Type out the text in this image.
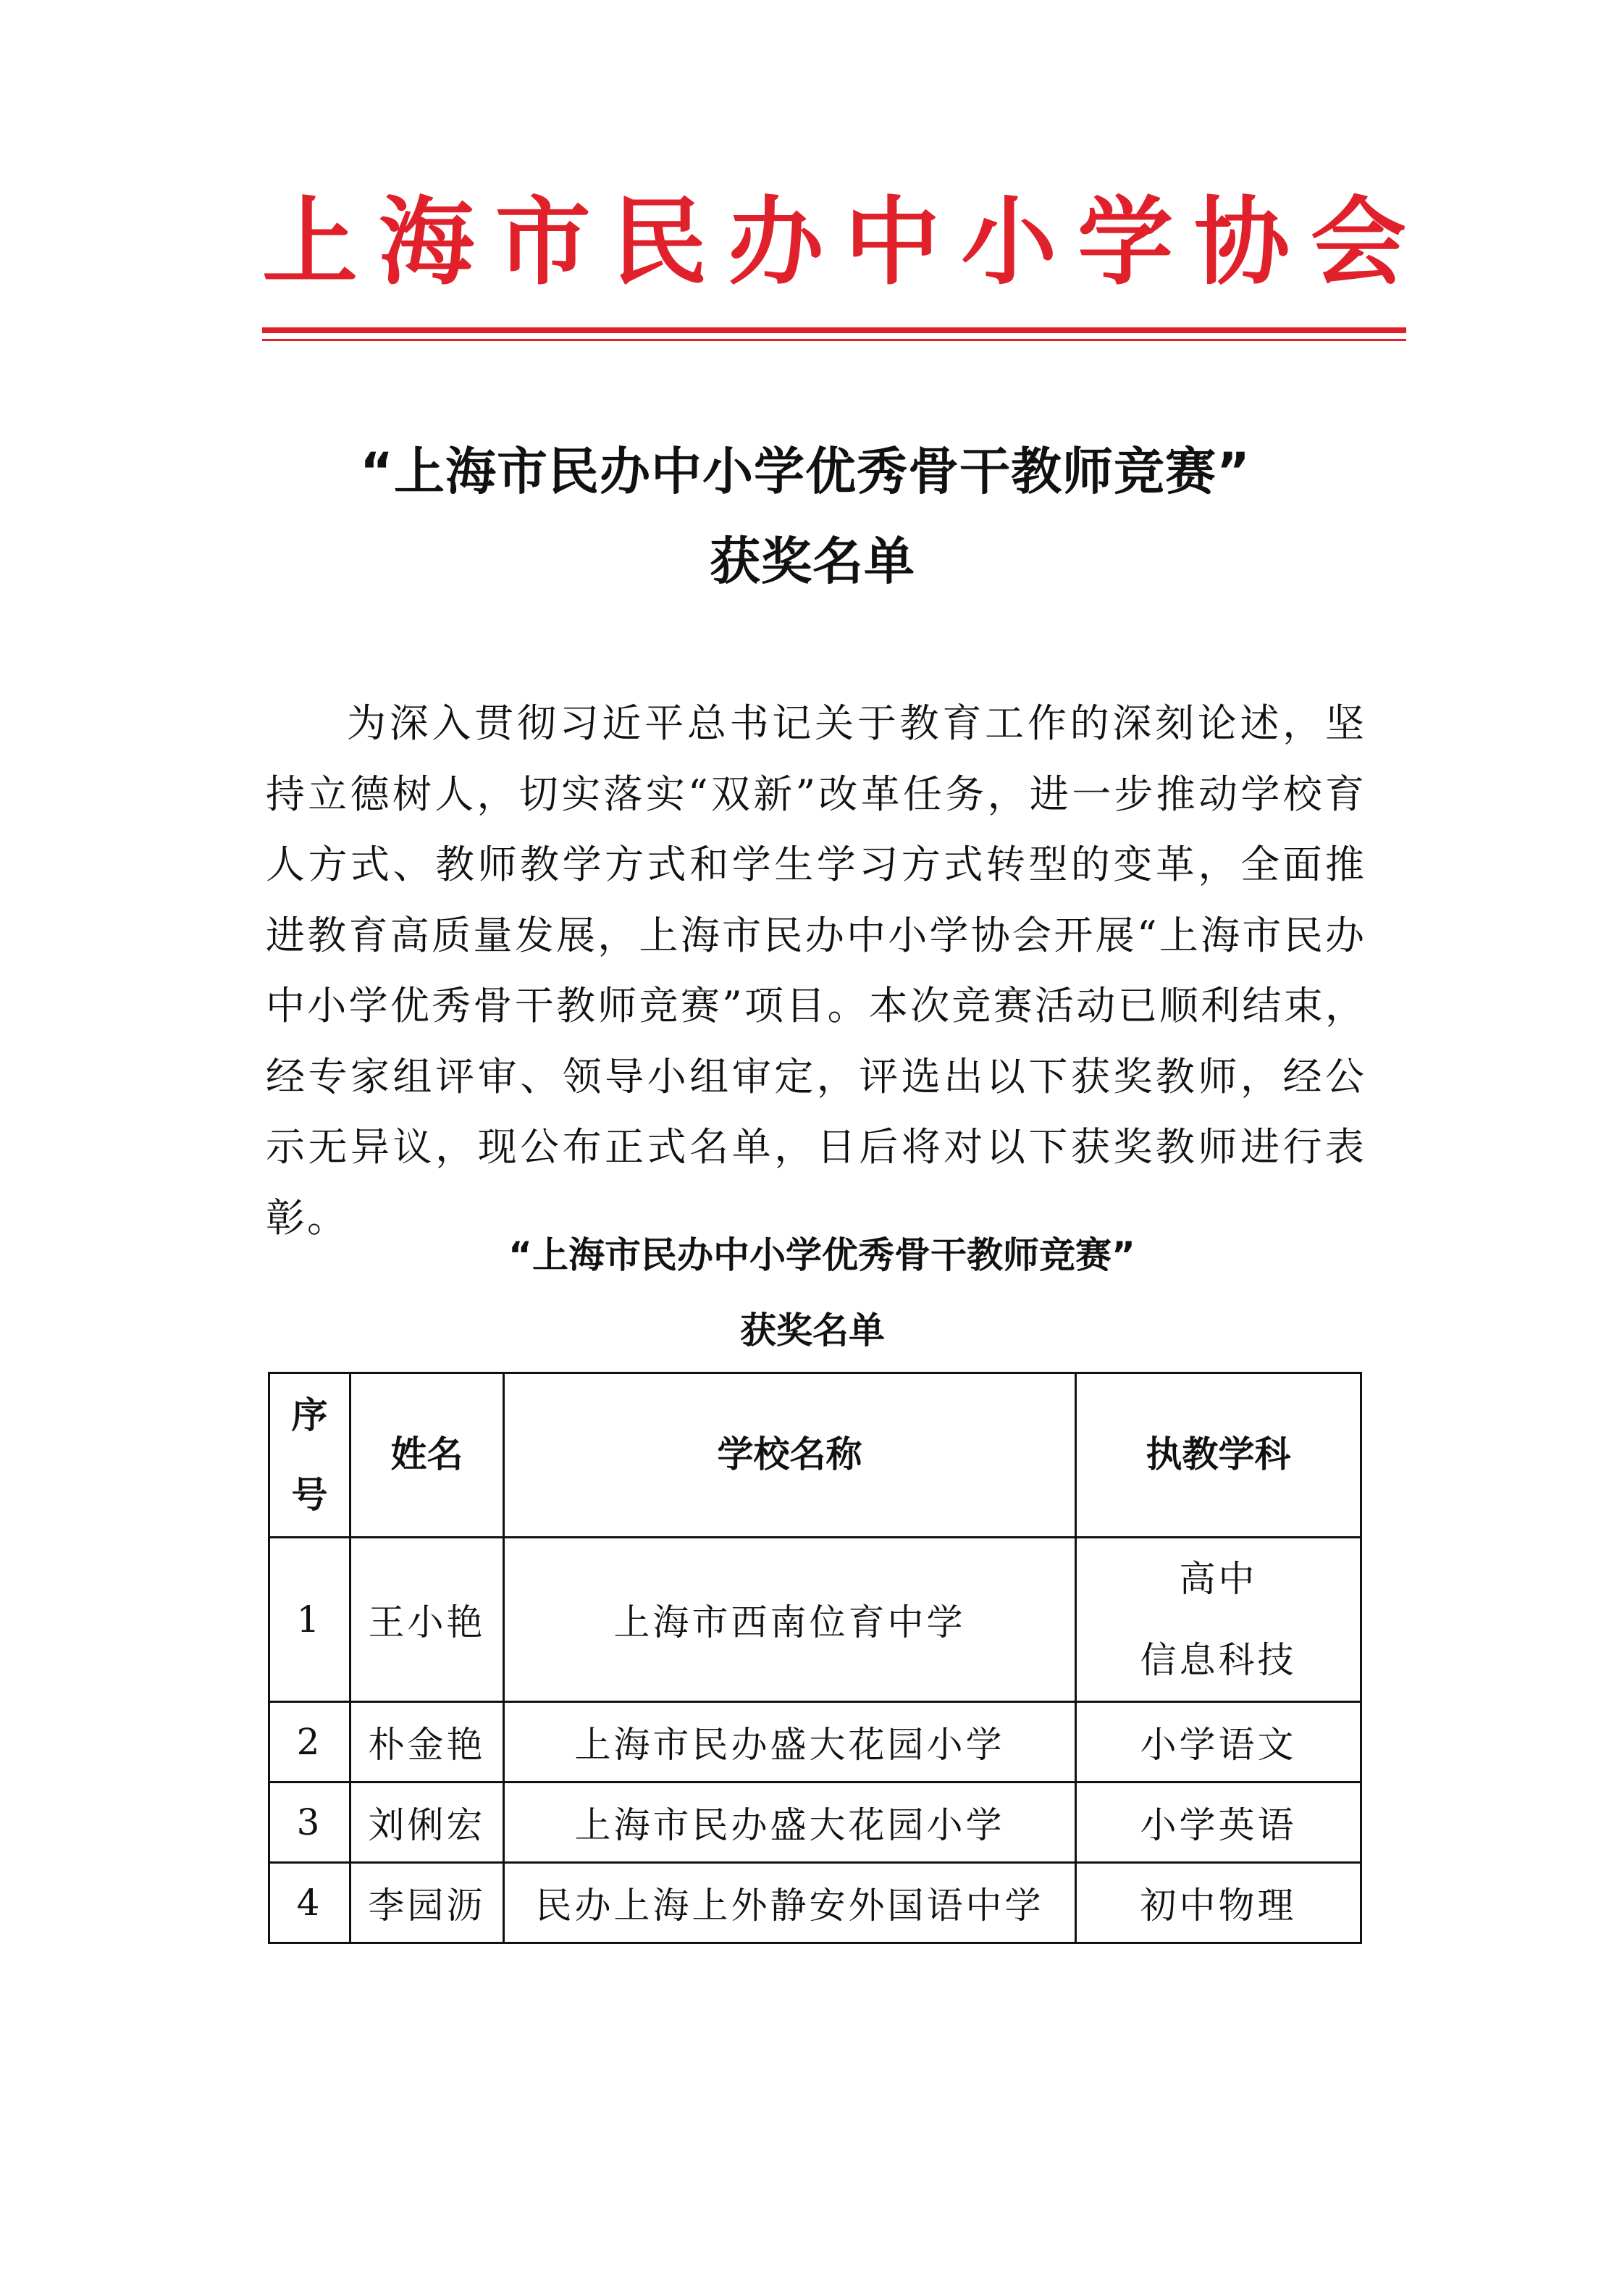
上 海 市 民 办 中 小 学 协 会
“上海市民办中小学优秀骨干教师竞赛”
获奖名单
为深入贯彻习近平总书记关于教育工作的深刻论述，坚持立德树人，切实落实“双新”改革任务，进一步推动学校育人方式、教师教学方式和学生学习方式转型的变革，全面推进教育高质量发展，上海市民办中小学协会开展“上海市民办中小学优秀骨干教师竞赛”项目。本次竞赛活动已顺利结束，经专家组评审、领导小组审定，评选出以下获奖教师，经公示无异议，现公布正式名单，日后将对以下获奖教师进行表彰。
“上海市民办中小学优秀骨干教师竞赛”
获奖名单
序
号	姓名	学校名称	执教学科
1	王小艳	上海市西南位育中学	高中
信息科技

2	朴金艳	上海市民办盛大花园小学	小学语文
3	刘俐宏	上海市民办盛大花园小学	小学英语
4	李园沥	民办上海上外静安外国语中学	初中物理
